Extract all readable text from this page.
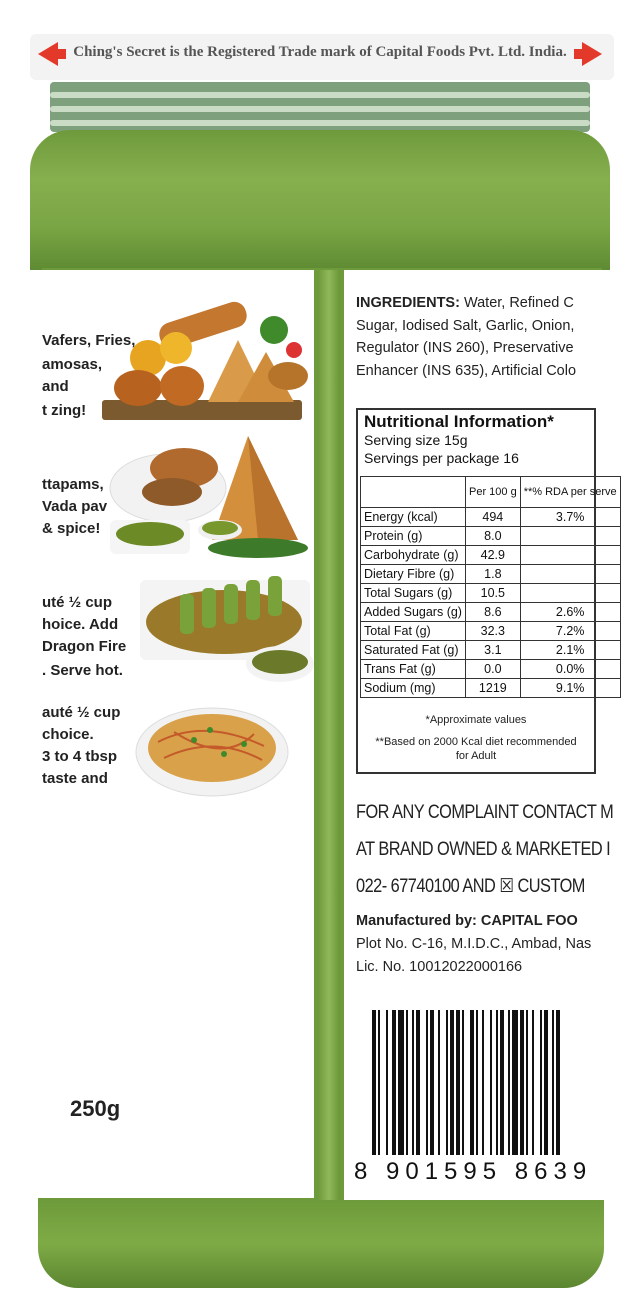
Ching's Secret is the Registered Trade mark of Capital Foods Pvt. Ltd. India.
Vafers, Fries,
amosas,
and
t zing!
ttapams,
Vada pav
& spice!
uté ½ cup
hoice. Add
Dragon Fire
. Serve hot.
auté ½ cup
choice.
3 to 4 tbsp
taste and
250g
INGREDIENTS: Water, Refined C
Sugar, Iodised Salt, Garlic, Onion,
Regulator (INS 260), Preservative
Enhancer (INS 635), Artificial Colo
Nutritional Information*
Serving size 15g
Servings per package 16
	Per 100 g	**% RDA per serve
Energy (kcal)	494	3.7%
Protein (g)	8.0	
Carbohydrate (g)	42.9	
Dietary Fibre (g)	1.8	
Total Sugars (g)	10.5	
Added Sugars (g)	8.6	2.6%
Total Fat (g)	32.3	7.2%
Saturated Fat (g)	3.1	2.1%
Trans Fat (g)	0.0	0.0%
Sodium (mg)	1219	9.1%
*Approximate values
**Based on 2000 Kcal diet recommended
for Adult
FOR ANY COMPLAINT CONTACT M
AT BRAND OWNED & MARKETED I
022- 67740100 AND ☒ CUSTOM
Manufactured by: CAPITAL FOO
Plot No. C-16, M.I.D.C., Ambad, Nas
Lic. No. 10012022000166
8 901595 8639
